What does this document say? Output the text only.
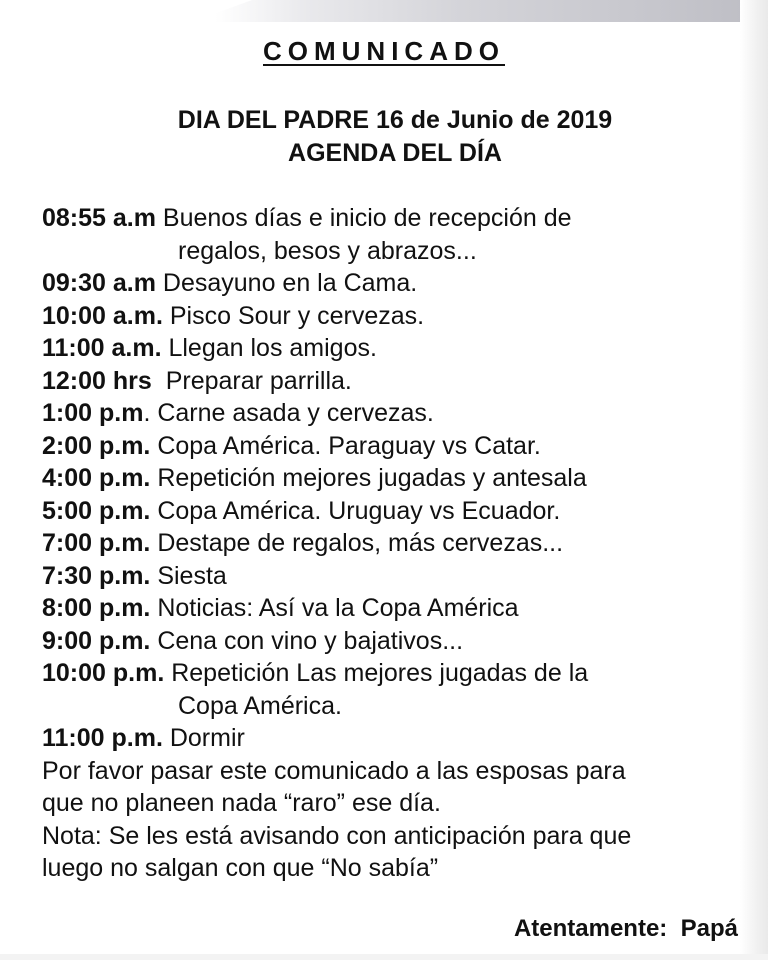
COMUNICADO
DIA DEL PADRE 16 de Junio de 2019
AGENDA DEL DÍA
08:55 a.m Buenos días e inicio de recepción de
regalos, besos y abrazos...
09:30 a.m Desayuno en la Cama.
10:00 a.m. Pisco Sour y cervezas.
11:00 a.m. Llegan los amigos.
12:00 hrs  Preparar parrilla.
1:00 p.m. Carne asada y cervezas.
2:00 p.m. Copa América. Paraguay vs Catar.
4:00 p.m. Repetición mejores jugadas y antesala
5:00 p.m. Copa América. Uruguay vs Ecuador.
7:00 p.m. Destape de regalos, más cervezas...
7:30 p.m. Siesta
8:00 p.m. Noticias: Así va la Copa América
9:00 p.m. Cena con vino y bajativos...
10:00 p.m. Repetición Las mejores jugadas de la
Copa América.
11:00 p.m. Dormir
Por favor pasar este comunicado a las esposas para
que no planeen nada “raro” ese día.
Nota: Se les está avisando con anticipación para que
luego no salgan con que “No sabía”
Atentamente:  Papá
